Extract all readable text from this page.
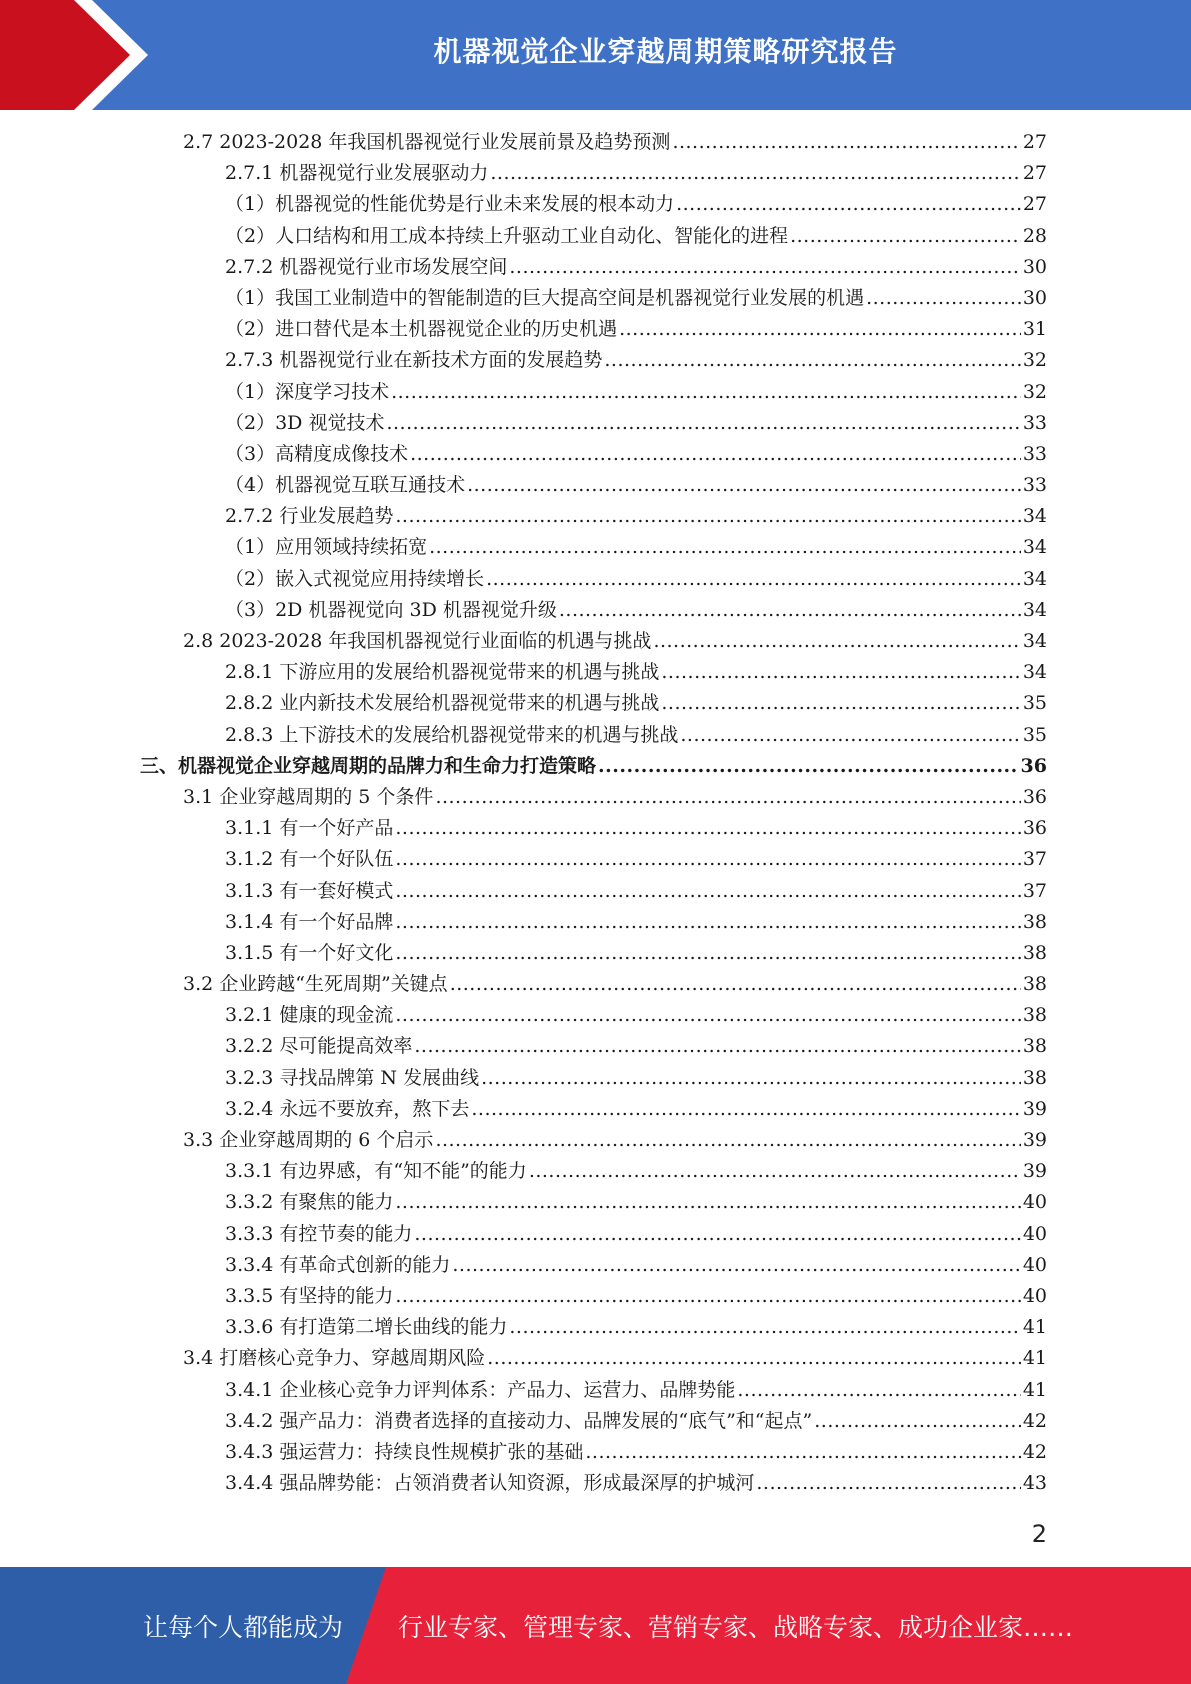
机器视觉企业穿越周期策略研究报告
2.7 2023-2028 年我国机器视觉行业发展前景及趋势预测 .....	27
2.7.1 机器视觉行业发展驱动力 .....	27
（1）机器视觉的性能优势是行业未来发展的根本动力 .....	27
（2）人口结构和用工成本持续上升驱动工业自动化、智能化的进程 .....	28
2.7.2 机器视觉行业市场发展空间 .....	30
（1）我国工业制造中的智能制造的巨大提高空间是机器视觉行业发展的机遇 .....	30
（2）进口替代是本土机器视觉企业的历史机遇 .....	31
2.7.3 机器视觉行业在新技术方面的发展趋势 .....	32
（1）深度学习技术 .....	32
（2）3D 视觉技术 .....	33
（3）高精度成像技术 .....	33
（4）机器视觉互联互通技术 .....	33
2.7.2 行业发展趋势 .....	34
（1）应用领域持续拓宽 .....	34
（2）嵌入式视觉应用持续增长 .....	34
（3）2D 机器视觉向 3D 机器视觉升级 .....	34
2.8 2023-2028 年我国机器视觉行业面临的机遇与挑战 .....	34
2.8.1 下游应用的发展给机器视觉带来的机遇与挑战 .....	34
2.8.2 业内新技术发展给机器视觉带来的机遇与挑战 .....	35
2.8.3 上下游技术的发展给机器视觉带来的机遇与挑战 .....	35
三、机器视觉企业穿越周期的品牌力和生命力打造策略 .....	36
3.1 企业穿越周期的 5 个条件 .....	36
3.1.1 有一个好产品 .....	36
3.1.2 有一个好队伍 .....	37
3.1.3 有一套好模式 .....	37
3.1.4 有一个好品牌 .....	38
3.1.5 有一个好文化 .....	38
3.2 企业跨越“生死周期”关键点 .....	38
3.2.1 健康的现金流 .....	38
3.2.2 尽可能提高效率 .....	38
3.2.3 寻找品牌第 N 发展曲线 .....	38
3.2.4 永远不要放弃，熬下去 .....	39
3.3 企业穿越周期的 6 个启示 .....	39
3.3.1 有边界感，有“知不能”的能力 .....	39
3.3.2 有聚焦的能力 .....	40
3.3.3 有控节奏的能力 .....	40
3.3.4 有革命式创新的能力 .....	40
3.3.5 有坚持的能力 .....	40
3.3.6 有打造第二增长曲线的能力 .....	41
3.4 打磨核心竞争力、穿越周期风险 .....	41
3.4.1 企业核心竞争力评判体系：产品力、运营力、品牌势能 .....	41
3.4.2 强产品力：消费者选择的直接动力、品牌发展的“底气”和“起点” .....	42
3.4.3 强运营力：持续良性规模扩张的基础 .....	42
3.4.4 强品牌势能：占领消费者认知资源，形成最深厚的护城河 .....	43
2
让每个人都能成为 行业专家、管理专家、营销专家、战略专家、成功企业家……
